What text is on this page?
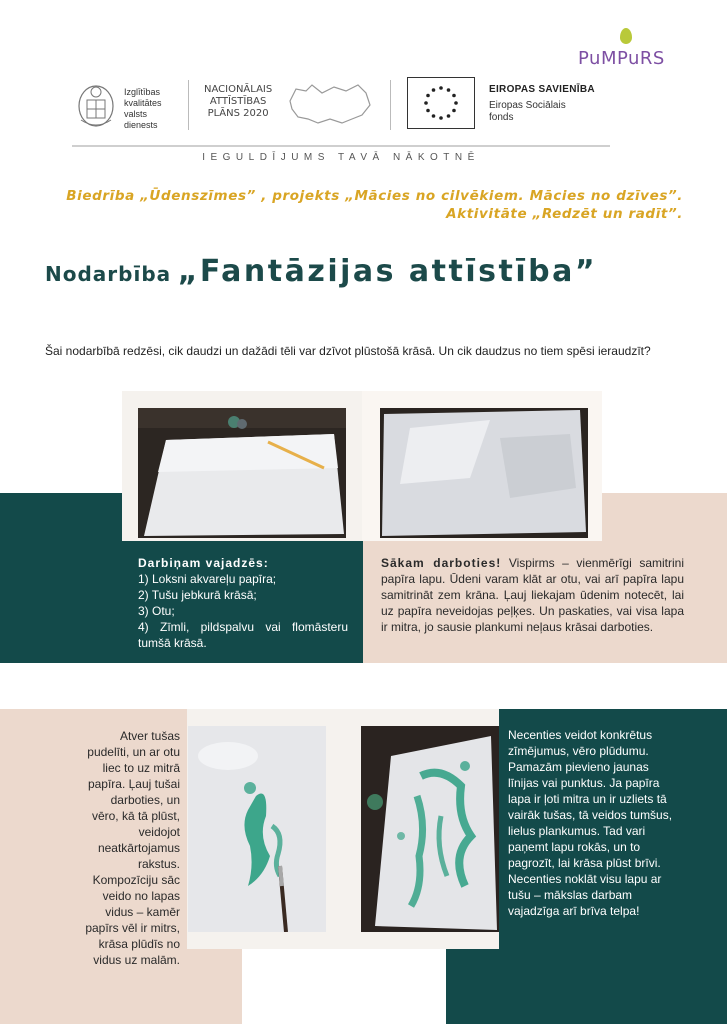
PuMPuRS
Izglītības
kvalitātes
valsts
dienests
NACIONĀLAIS
ATTĪSTĪBAS
PLĀNS 2020
EIROPAS SAVIENĪBA
Eiropas Sociālais
fonds
IEGULDĪJUMS TAVĀ NĀKOTNĒ
Biedrība „Ūdenszīmes” , projekts „Mācies no cilvēkiem. Mācies no dzīves”.
Aktivitāte „Redzēt un radīt”.
Nodarbība „Fantāzijas attīstība”
Šai nodarbībā redzēsi, cik daudzi un dažādi tēli var dzīvot plūstošā krāsā. Un cik daudzus no tiem spēsi ieraudzīt?
Darbiņam vajadzēs:
1) Loksni akvareļu papīra;
2) Tušu jebkurā krāsā;
3) Otu;
4) Zīmli, pildspalvu vai flomāsteru tumšā krāsā.
Sākam darboties! Vispirms – vienmērīgi samitrini papīra lapu. Ūdeni varam klāt ar otu, vai arī papīra lapu samitrināt zem krāna. Ļauj liekajam ūdenim notecēt, lai uz papīra neveidojas peļķes. Un paskaties, vai visa lapa ir mitra, jo sausie plankumi neļaus krāsai darboties.
Atver tušas pudelīti, un ar otu liec to uz mitrā papīra. Ļauj tušai darboties, un vēro, kā tā plūst, veidojot neatkārtojamus rakstus. Kompozīciju sāc veido no lapas vidus – kamēr papīrs vēl ir mitrs, krāsa plūdīs no vidus uz malām.
Necenties veidot konkrētus zīmējumus, vēro plūdumu. Pamazām pievieno jaunas līnijas vai punktus. Ja papīra lapa ir ļoti mitra un ir uzliets tā vairāk tušas, tā veidos tumšus, lielus plankumus. Tad vari paņemt lapu rokās, un to pagrozīt, lai krāsa plūst brīvi. Necenties noklāt visu lapu ar tušu – mākslas darbam vajadzīga arī brīva telpa!
